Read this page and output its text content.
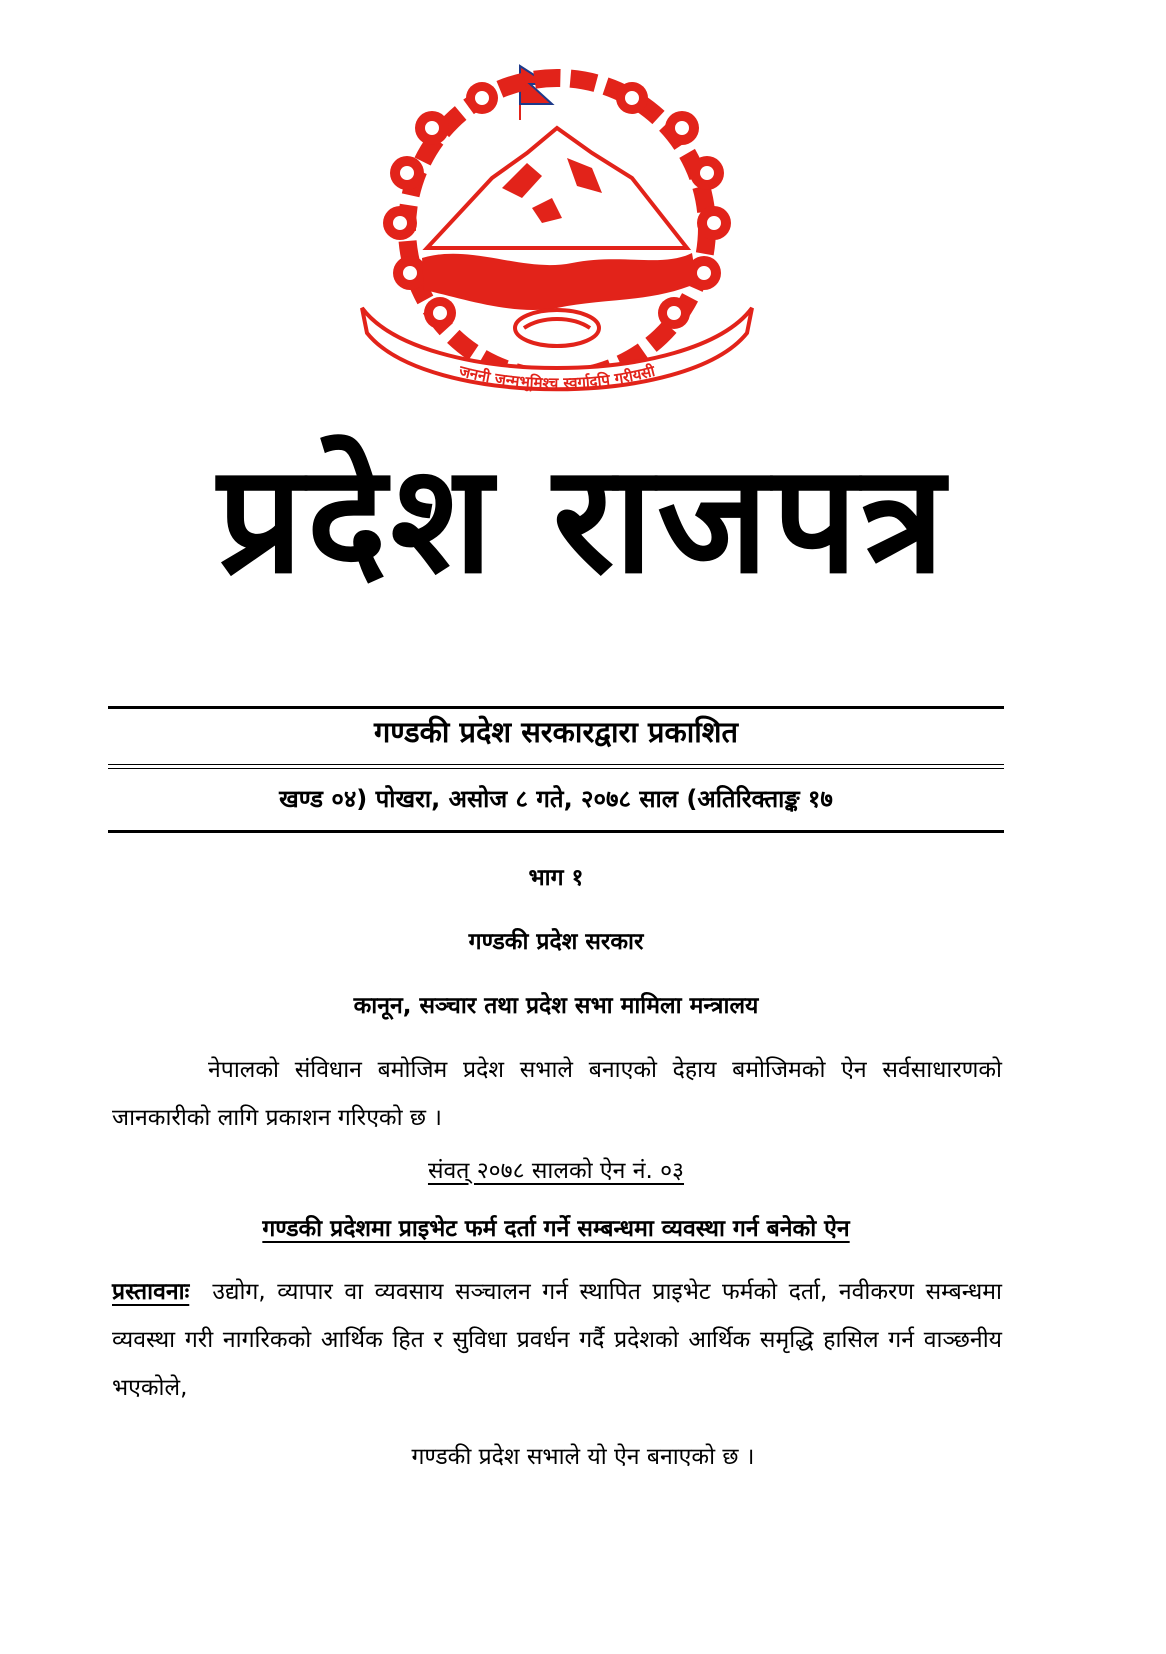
जननी जन्मभूमिश्च स्वर्गादपि गरीयसी
प्रदेश राजपत्र
गण्डकी प्रदेश सरकारद्वारा प्रकाशित
खण्ड ०४) पोखरा, असोज ८ गते, २०७८ साल (अतिरिक्ताङ्क १७
भाग १
गण्डकी प्रदेश सरकार
कानून, सञ्चार तथा प्रदेश सभा मामिला मन्त्रालय
नेपालको संविधान बमोजिम प्रदेश सभाले बनाएको देहाय बमोजिमको ऐन सर्वसाधारणको जानकारीको लागि प्रकाशन गरिएको छ ।
संवत् २०७८ सालको ऐन नं. ०३
गण्डकी प्रदेशमा प्राइभेट फर्म दर्ता गर्ने सम्बन्धमा व्यवस्था गर्न बनेको ऐन
प्रस्तावनाः उद्योग, व्यापार वा व्यवसाय सञ्चालन गर्न स्थापित प्राइभेट फर्मको दर्ता, नवीकरण सम्बन्धमा व्यवस्था गरी नागरिकको आर्थिक हित र सुविधा प्रवर्धन गर्दै प्रदेशको आर्थिक समृद्धि हासिल गर्न वाञ्छनीय भएकोले,
गण्डकी प्रदेश सभाले यो ऐन बनाएको छ ।
